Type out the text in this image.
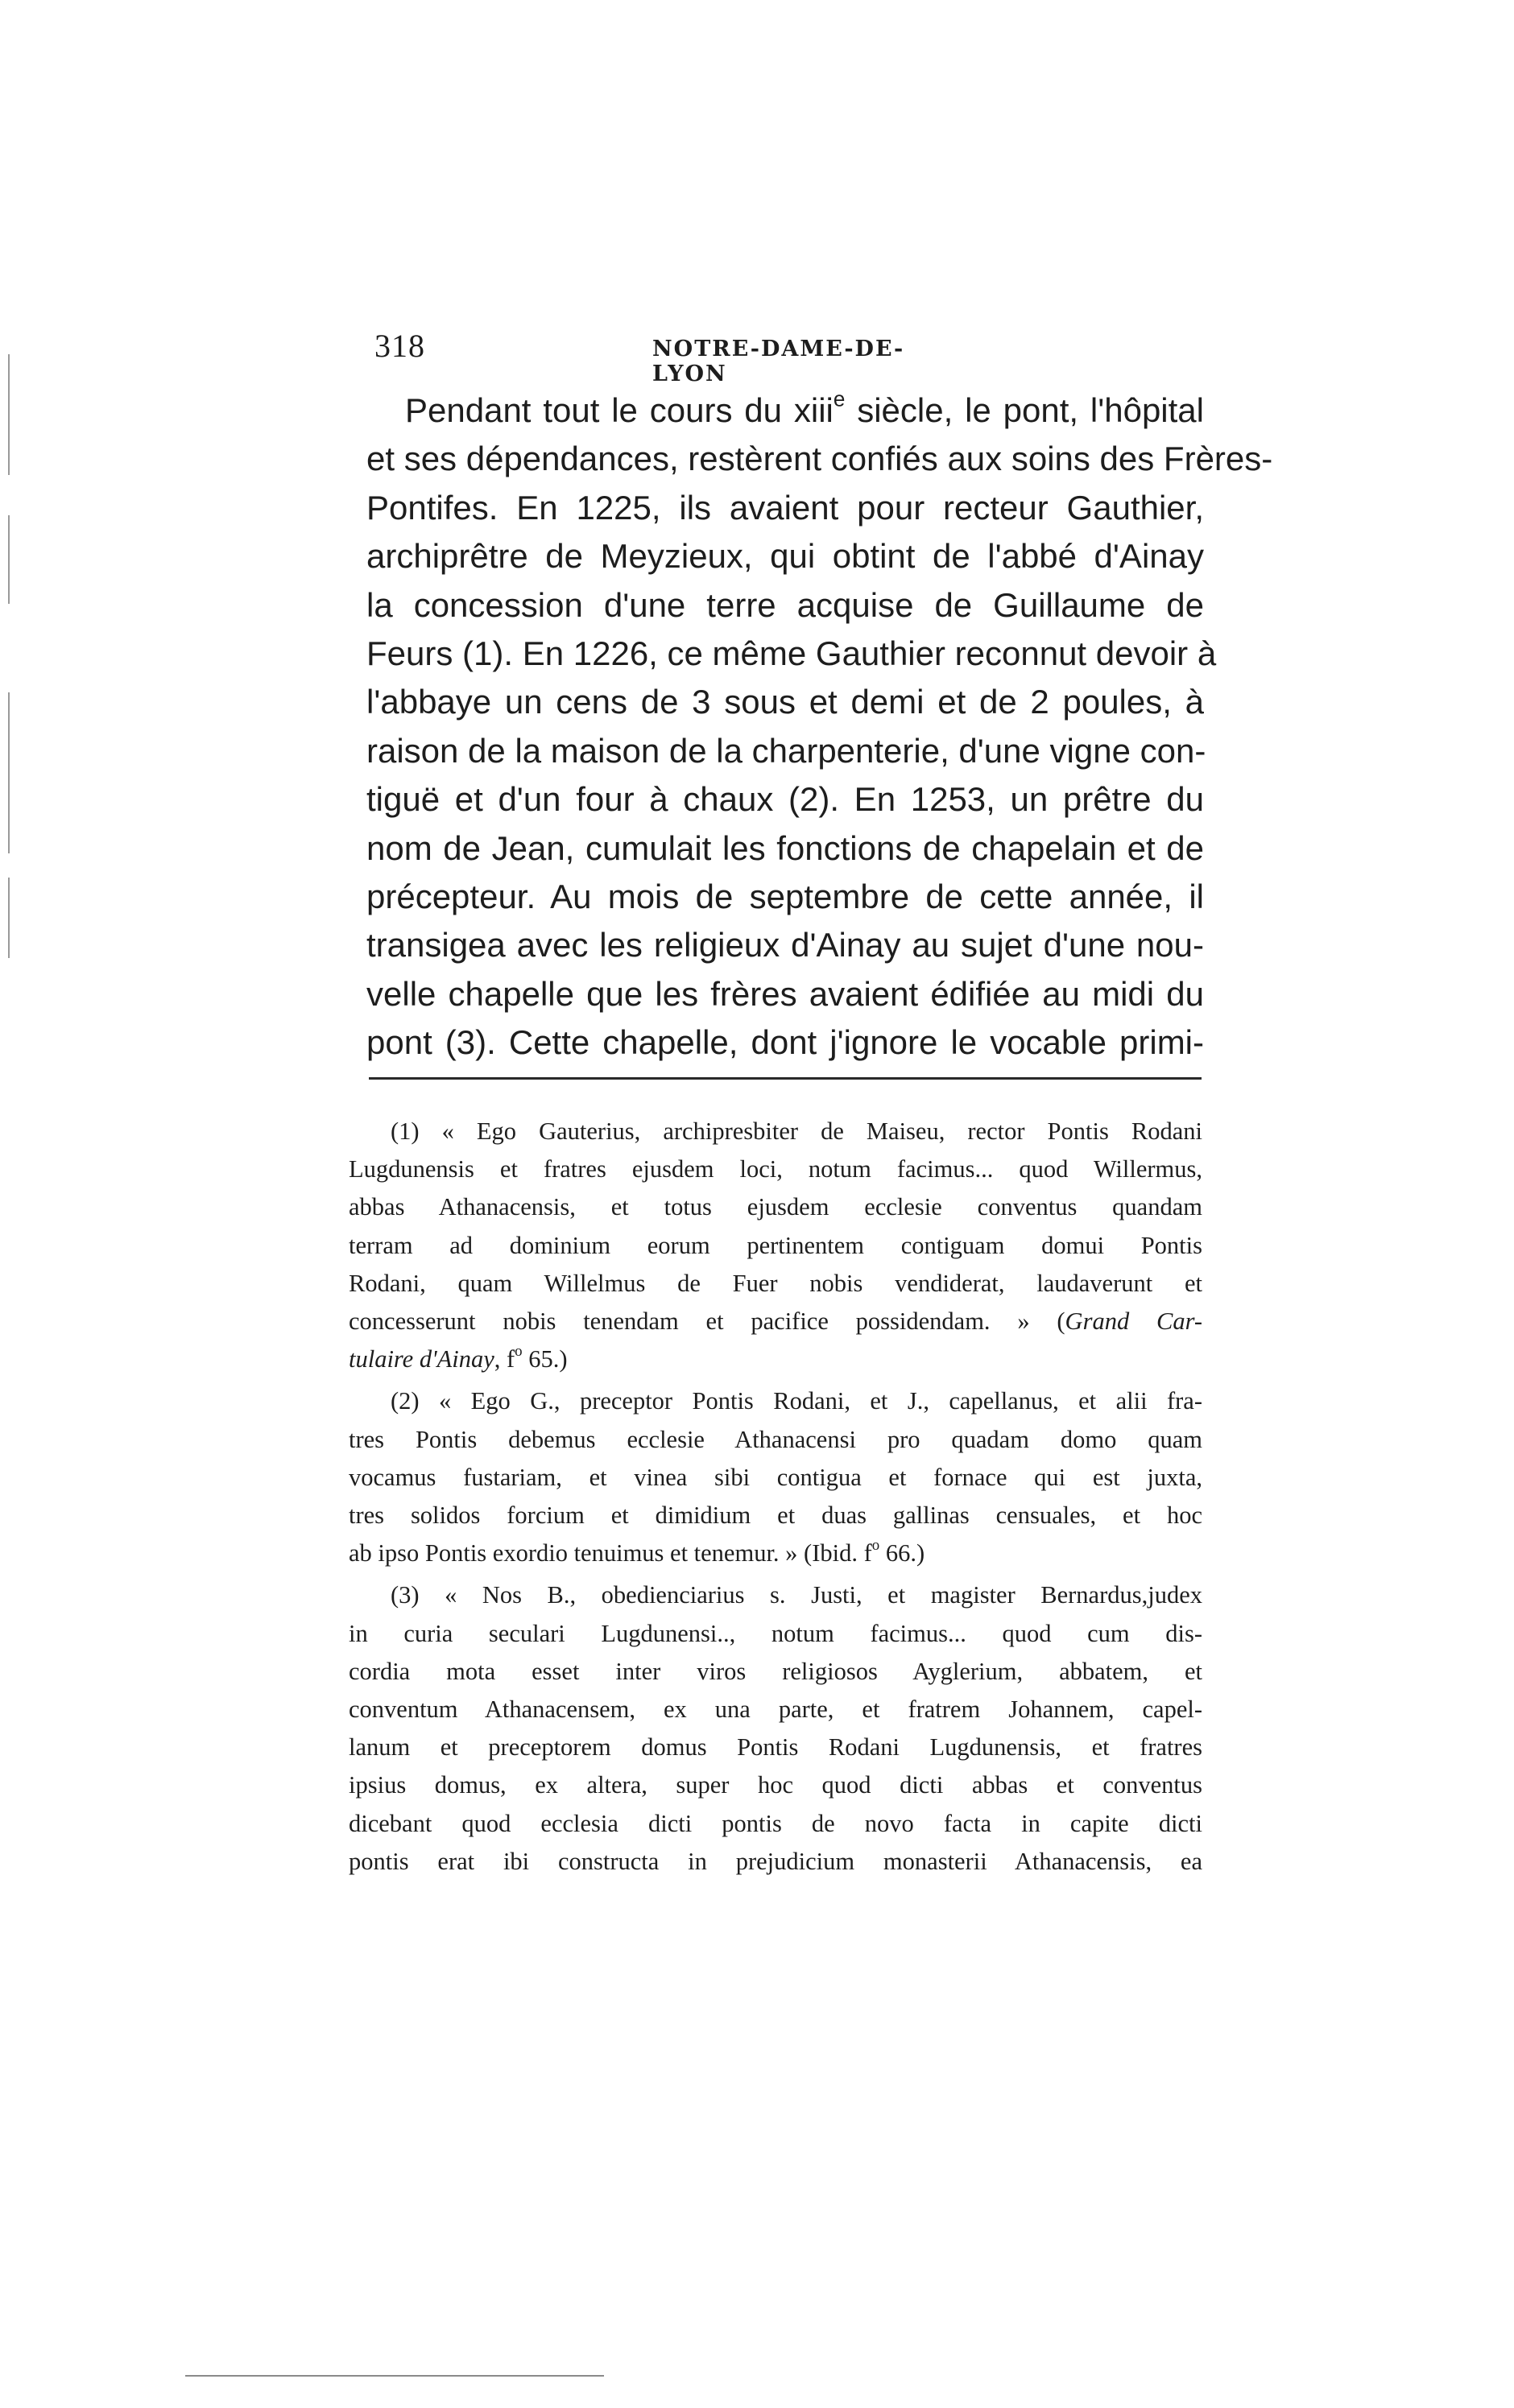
318	NOTRE-DAME-DE-LYON
Pendant tout le cours du xiii$^e$ siècle, le pont, l'hôpital
et ses dépendances, restèrent confiés aux soins des Frères-
Pontifes. En 1225, ils avaient pour recteur Gauthier,
archiprêtre de Meyzieux, qui obtint de l'abbé d'Ainay
la concession d'une terre acquise de Guillaume de
Feurs (1). En 1226, ce même Gauthier reconnut devoir à
l'abbaye un cens de 3 sous et demi et de 2 poules, à
raison de la maison de la charpenterie, d'une vigne con-
tiguë et d'un four à chaux (2). En 1253, un prêtre du
nom de Jean, cumulait les fonctions de chapelain et de
précepteur. Au mois de septembre de cette année, il
transigea avec les religieux d'Ainay au sujet d'une nou-
velle chapelle que les frères avaient édifiée au midi du
pont (3). Cette chapelle, dont j'ignore le vocable primi-
(1) « Ego Gauterius, archipresbiter de Maiseu, rector Pontis Rodani
Lugdunensis et fratres ejusdem loci, notum facimus... quod Willermus,
abbas Athanacensis, et totus ejusdem ecclesie conventus quandam
terram ad dominium eorum pertinentem contiguam domui Pontis
Rodani, quam Willelmus de Fuer nobis vendiderat, laudaverunt et
concesserunt nobis tenendam et pacifice possidendam. » (Grand Car-
tulaire d'Ainay, $f^o$ 65.)
(2) « Ego G., preceptor Pontis Rodani, et J., capellanus, et alii fra-
tres Pontis debemus ecclesie Athanacensi pro quadam domo quam
vocamus fustariam, et vinea sibi contigua et fornace qui est juxta,
tres solidos forcium et dimidium et duas gallinas censuales, et hoc
ab ipso Pontis exordio tenuimus et tenemur. » (Ibid. $f^o$ 66.)
(3) « Nos B., obedienciarius s. Justi, et magister Bernardus,judex
in curia seculari Lugdunensi.., notum facimus... quod cum dis-
cordia mota esset inter viros religiosos Ayglerium, abbatem, et
conventum Athanacensem, ex una parte, et fratrem Johannem, capel-
lanum et preceptorem domus Pontis Rodani Lugdunensis, et fratres
ipsius domus, ex altera, super hoc quod dicti abbas et conventus
dicebant quod ecclesia dicti pontis de novo facta in capite dicti
pontis erat ibi constructa in prejudicium monasterii Athanacensis, ea
